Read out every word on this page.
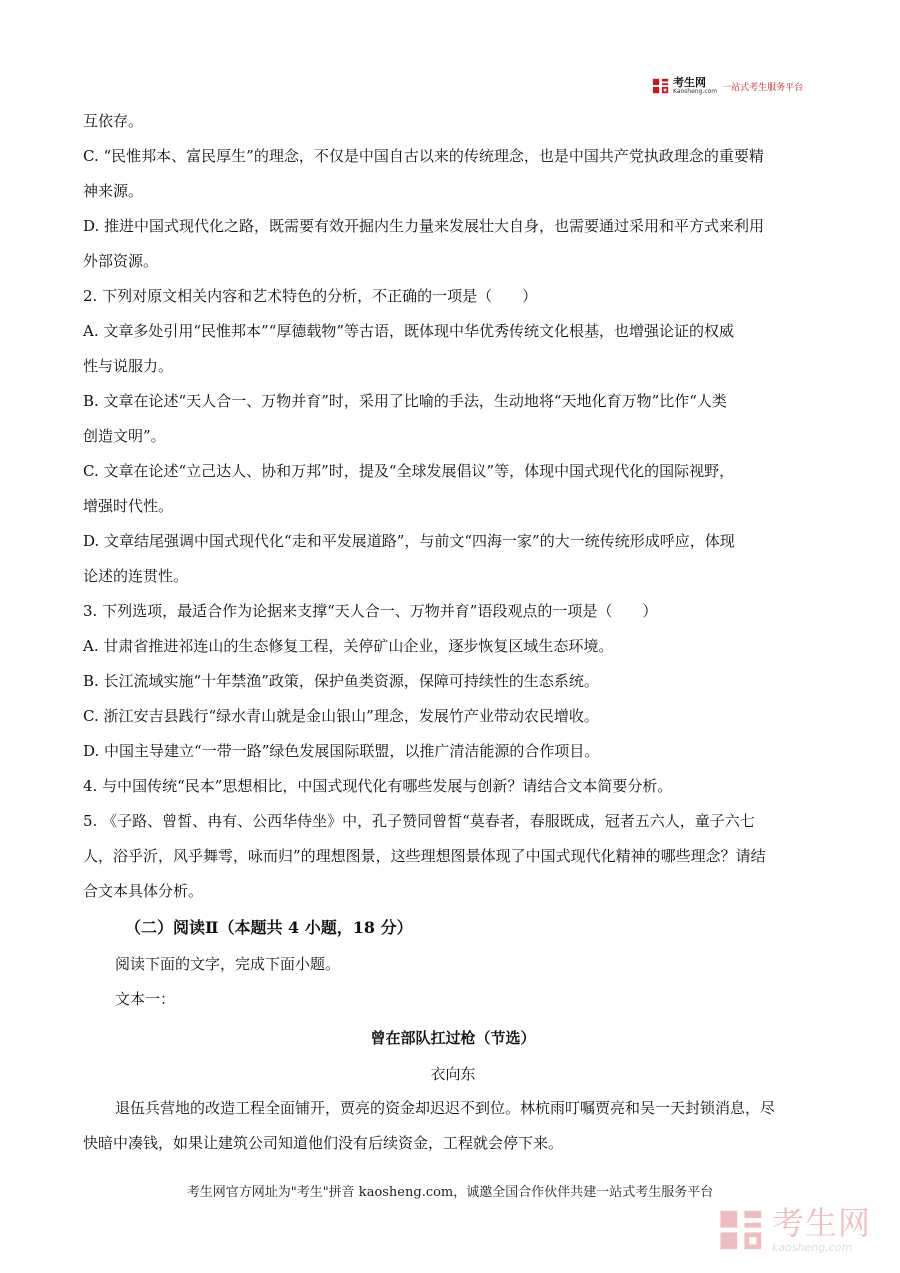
考生网
Kaosheng.com 一站式考生服务平台

互依存。

C. “民惟邦本、富民厚生”的理念，不仅是中国自古以来的传统理念，也是中国共产党执政理念的重要精

神来源。

D. 推进中国式现代化之路，既需要有效开掘内生力量来发展壮大自身，也需要通过采用和平方式来利用

外部资源。

2. 下列对原文相关内容和艺术特色的分析，不正确的一项是（　　）

A. 文章多处引用“民惟邦本”“厚德载物”等古语，既体现中华优秀传统文化根基，也增强论证的权威

性与说服力。

B. 文章在论述“天人合一、万物并育”时，采用了比喻的手法，生动地将“天地化育万物”比作“人类

创造文明”。

C. 文章在论述“立己达人、协和万邦”时，提及“全球发展倡议”等，体现中国式现代化的国际视野，

增强时代性。

D. 文章结尾强调中国式现代化“走和平发展道路”，与前文“四海一家”的大一统传统形成呼应，体现

论述的连贯性。

3. 下列选项，最适合作为论据来支撑“天人合一、万物并育”语段观点的一项是（　　）

A. 甘肃省推进祁连山的生态修复工程，关停矿山企业，逐步恢复区域生态环境。

B. 长江流域实施“十年禁渔”政策，保护鱼类资源，保障可持续性的生态系统。

C. 浙江安吉县践行“绿水青山就是金山银山”理念，发展竹产业带动农民增收。

D. 中国主导建立“一带一路”绿色发展国际联盟，以推广清洁能源的合作项目。

4. 与中国传统“民本”思想相比，中国式现代化有哪些发展与创新？请结合文本简要分析。

5. 《子路、曾皙、冉有、公西华侍坐》中，孔子赞同曾皙“莫春者，春服既成，冠者五六人，童子六七

人，浴乎沂，风乎舞雩，咏而归”的理想图景，这些理想图景体现了中国式现代化精神的哪些理念？请结

合文本具体分析。

（二）阅读Ⅱ（本题共 4 小题，18 分）

阅读下面的文字，完成下面小题。

文本一：

曾在部队扛过枪（节选）

衣向东

退伍兵营地的改造工程全面铺开，贾亮的资金却迟迟不到位。林杭雨叮嘱贾亮和吴一天封锁消息，尽

快暗中凑钱，如果让建筑公司知道他们没有后续资金，工程就会停下来。

考生网官方网址为"考生"拼音 kaosheng.com，诚邀全国合作伙伴共建一站式考生服务平台
考生网
kaosheng.com
